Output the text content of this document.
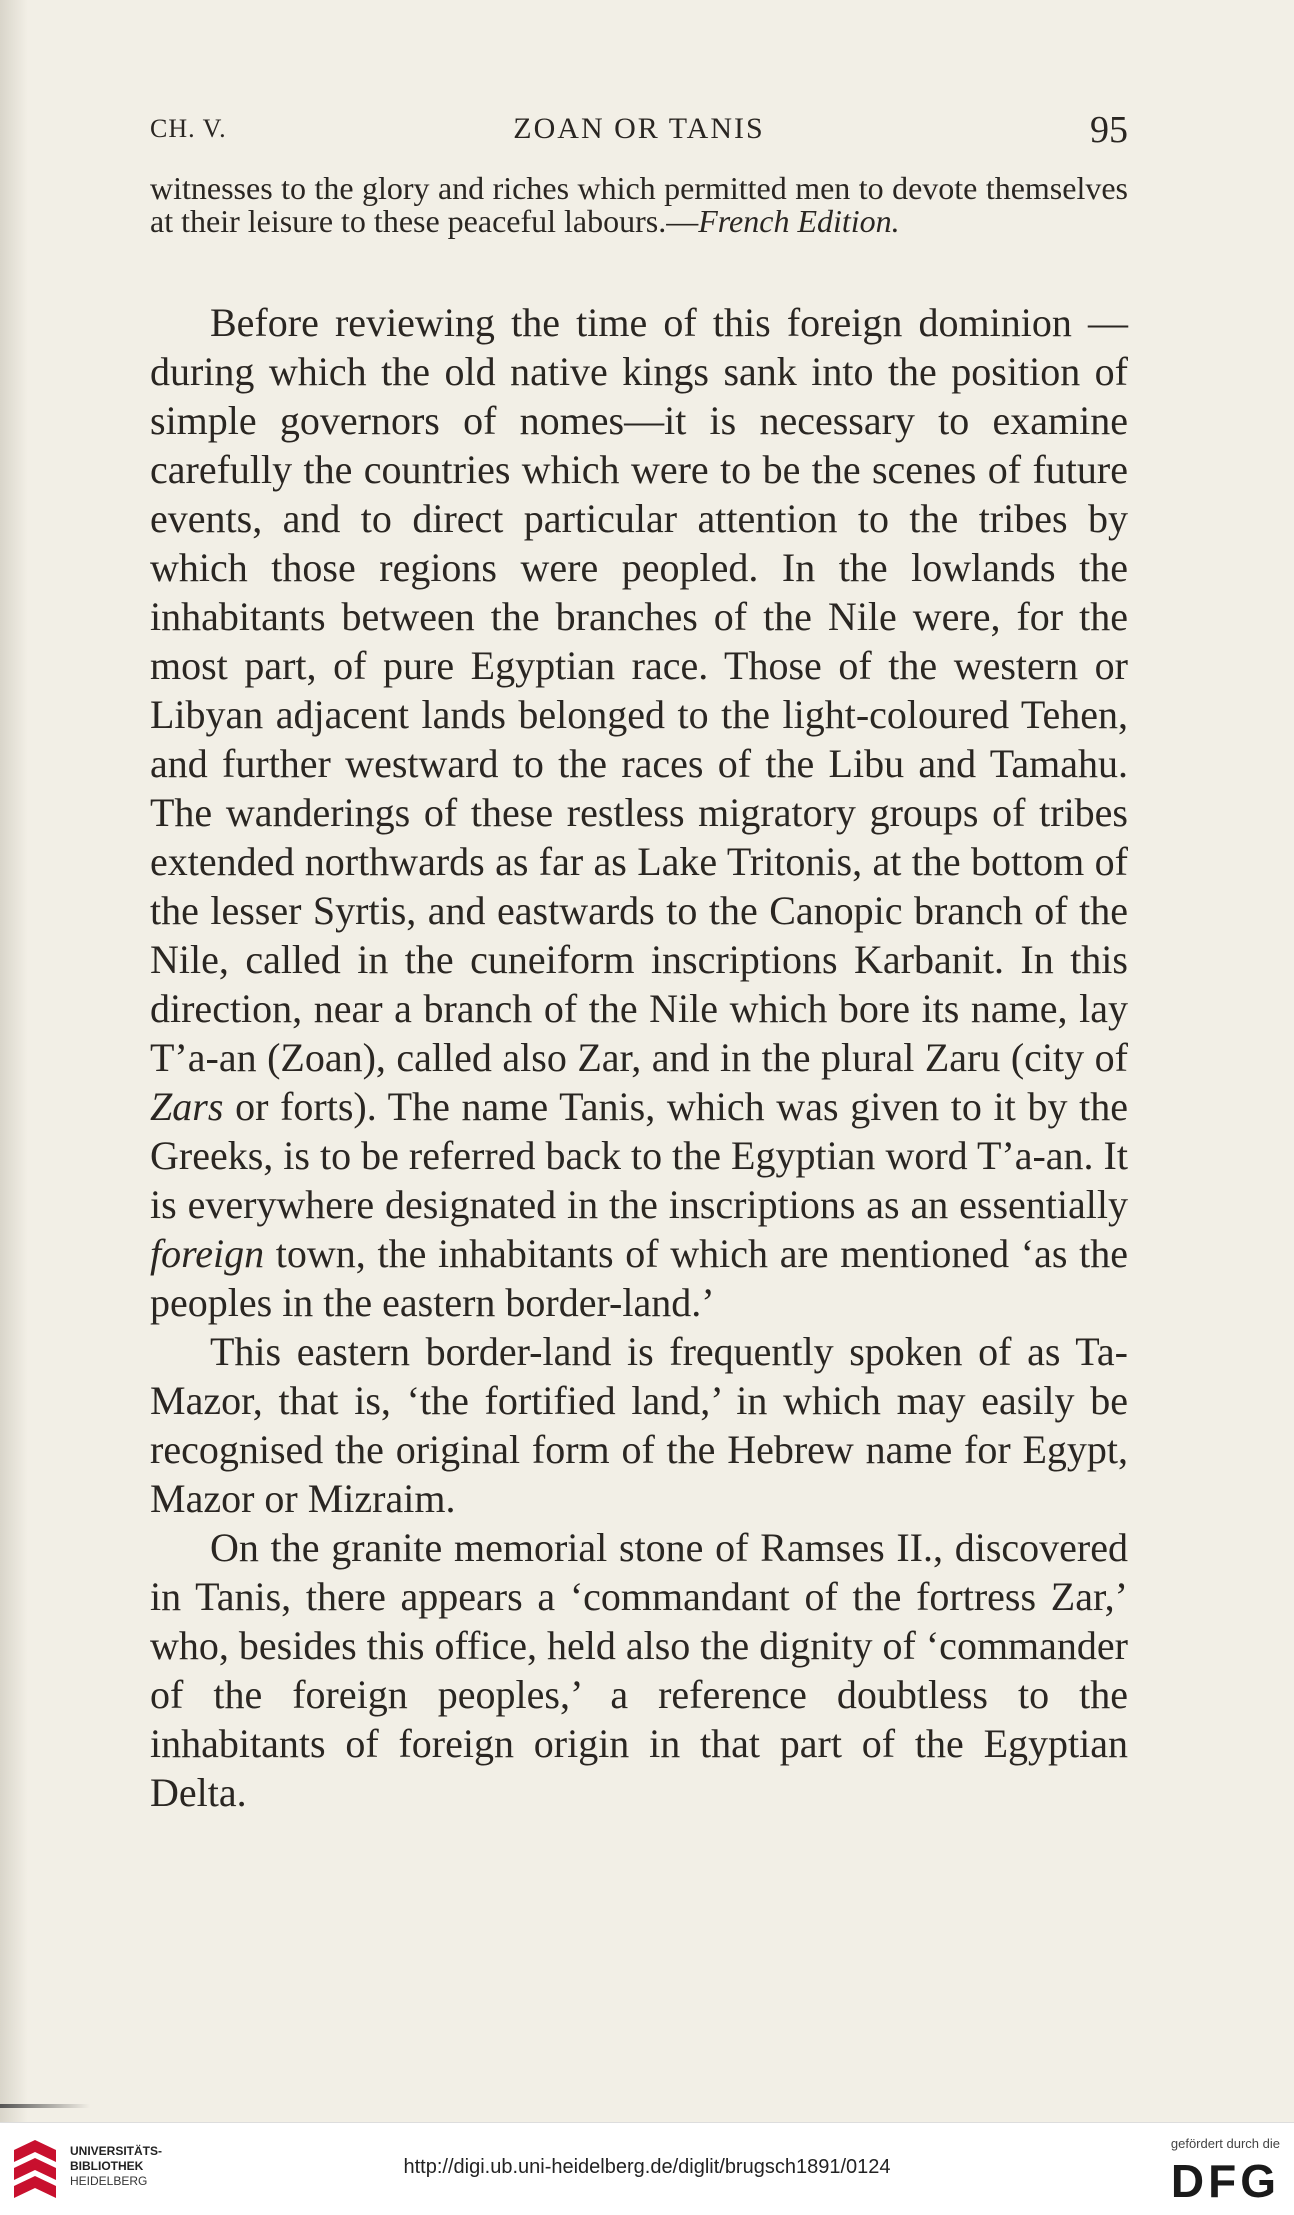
CH. V.	ZOAN OR TANIS	95

witnesses to the glory and riches which permitted men to devote themselves at their leisure to these peaceful labours.—French Edition.

Before reviewing the time of this foreign dominion —during which the old native kings sank into the position of simple governors of nomes—it is necessary to examine carefully the countries which were to be the scenes of future events, and to direct particular attention to the tribes by which those regions were peopled. In the lowlands the inhabitants between the branches of the Nile were, for the most part, of pure Egyptian race. Those of the western or Libyan adjacent lands belonged to the light-coloured Tehen, and further westward to the races of the Libu and Tamahu. The wanderings of these restless migratory groups of tribes extended northwards as far as Lake Tritonis, at the bottom of the lesser Syrtis, and eastwards to the Canopic branch of the Nile, called in the cuneiform inscriptions Karbanit. In this direction, near a branch of the Nile which bore its name, lay T’a-an (Zoan), called also Zar, and in the plural Zaru (city of Zars or forts). The name Tanis, which was given to it by the Greeks, is to be referred back to the Egyptian word T’a-an. It is everywhere designated in the inscriptions as an essentially foreign town, the inhabitants of which are mentioned ‘as the peoples in the eastern border-land.’

This eastern border-land is frequently spoken of as Ta-Mazor, that is, ‘the fortified land,’ in which may easily be recognised the original form of the Hebrew name for Egypt, Mazor or Mizraim.

On the granite memorial stone of Ramses II., discovered in Tanis, there appears a ‘commandant of the fortress Zar,’ who, besides this office, held also the dignity of ‘commander of the foreign peoples,’ a reference doubtless to the inhabitants of foreign origin in that part of the Egyptian Delta.

UNIVERSITÄTS-
BIBLIOTHEK
HEIDELBERG
http://digi.ub.uni-heidelberg.de/diglit/brugsch1891/0124
gefördert durch die
DFG
